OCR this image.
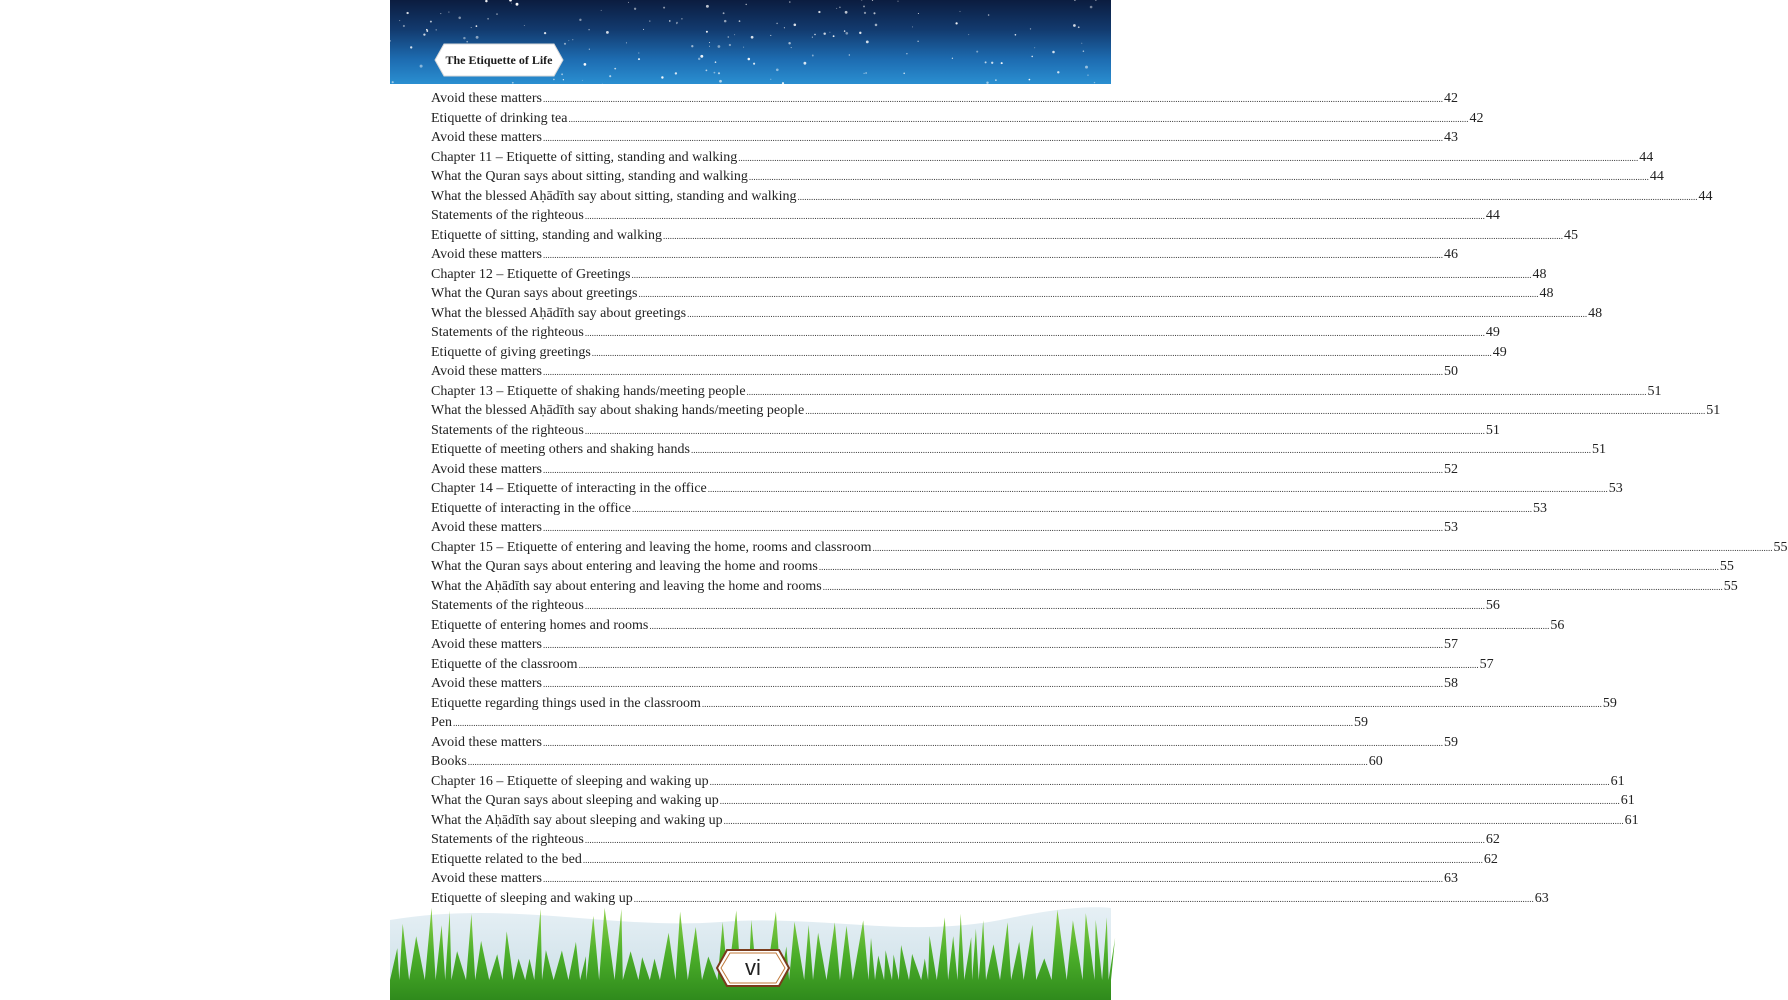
The Etiquette of Life
Avoid these matters ................................................................................................................................................................................................................................................................................................................................................................................................................ 42
Etiquette of drinking tea ................................................................................................................................................................................................................................................................................................................................................................................................................ 42
Avoid these matters ................................................................................................................................................................................................................................................................................................................................................................................................................ 43
Chapter 11 – Etiquette of sitting, standing and walking ................................................................................................................................................................................................................................................................................................................................................................................................................ 44
What the Quran says about sitting, standing and walking ................................................................................................................................................................................................................................................................................................................................................................................................................ 44
What the blessed Aḥādīth say about sitting, standing and walking ................................................................................................................................................................................................................................................................................................................................................................................................................ 44
Statements of the righteous ................................................................................................................................................................................................................................................................................................................................................................................................................ 44
Etiquette of sitting, standing and walking ................................................................................................................................................................................................................................................................................................................................................................................................................ 45
Avoid these matters ................................................................................................................................................................................................................................................................................................................................................................................................................ 46
Chapter 12 – Etiquette of Greetings ................................................................................................................................................................................................................................................................................................................................................................................................................ 48
What the Quran says about greetings ................................................................................................................................................................................................................................................................................................................................................................................................................ 48
What the blessed Aḥādīth say about greetings ................................................................................................................................................................................................................................................................................................................................................................................................................ 48
Statements of the righteous ................................................................................................................................................................................................................................................................................................................................................................................................................ 49
Etiquette of giving greetings ................................................................................................................................................................................................................................................................................................................................................................................................................ 49
Avoid these matters ................................................................................................................................................................................................................................................................................................................................................................................................................ 50
Chapter 13 – Etiquette of shaking hands/meeting people ................................................................................................................................................................................................................................................................................................................................................................................................................ 51
What the blessed Aḥādīth say about shaking hands/meeting people ................................................................................................................................................................................................................................................................................................................................................................................................................ 51
Statements of the righteous ................................................................................................................................................................................................................................................................................................................................................................................................................ 51
Etiquette of meeting others and shaking hands ................................................................................................................................................................................................................................................................................................................................................................................................................ 51
Avoid these matters ................................................................................................................................................................................................................................................................................................................................................................................................................ 52
Chapter 14 – Etiquette of interacting in the office ................................................................................................................................................................................................................................................................................................................................................................................................................ 53
Etiquette of interacting in the office ................................................................................................................................................................................................................................................................................................................................................................................................................ 53
Avoid these matters ................................................................................................................................................................................................................................................................................................................................................................................................................ 53
Chapter 15 – Etiquette of entering and leaving the home, rooms and classroom ................................................................................................................................................................................................................................................................................................................................................................................................................ 55
What the Quran says about entering and leaving the home and rooms ................................................................................................................................................................................................................................................................................................................................................................................................................ 55
What the Aḥādīth say about entering and leaving the home and rooms ................................................................................................................................................................................................................................................................................................................................................................................................................ 55
Statements of the righteous ................................................................................................................................................................................................................................................................................................................................................................................................................ 56
Etiquette of entering homes and rooms ................................................................................................................................................................................................................................................................................................................................................................................................................ 56
Avoid these matters ................................................................................................................................................................................................................................................................................................................................................................................................................ 57
Etiquette of the classroom ................................................................................................................................................................................................................................................................................................................................................................................................................ 57
Avoid these matters ................................................................................................................................................................................................................................................................................................................................................................................................................ 58
Etiquette regarding things used in the classroom ................................................................................................................................................................................................................................................................................................................................................................................................................ 59
Pen ................................................................................................................................................................................................................................................................................................................................................................................................................ 59
Avoid these matters ................................................................................................................................................................................................................................................................................................................................................................................................................ 59
Books ................................................................................................................................................................................................................................................................................................................................................................................................................ 60
Chapter 16 – Etiquette of sleeping and waking up ................................................................................................................................................................................................................................................................................................................................................................................................................ 61
What the Quran says about sleeping and waking up ................................................................................................................................................................................................................................................................................................................................................................................................................ 61
What the Aḥādīth say about sleeping and waking up ................................................................................................................................................................................................................................................................................................................................................................................................................ 61
Statements of the righteous ................................................................................................................................................................................................................................................................................................................................................................................................................ 62
Etiquette related to the bed ................................................................................................................................................................................................................................................................................................................................................................................................................ 62
Avoid these matters ................................................................................................................................................................................................................................................................................................................................................................................................................ 63
Etiquette of sleeping and waking up ................................................................................................................................................................................................................................................................................................................................................................................................................ 63
vi
